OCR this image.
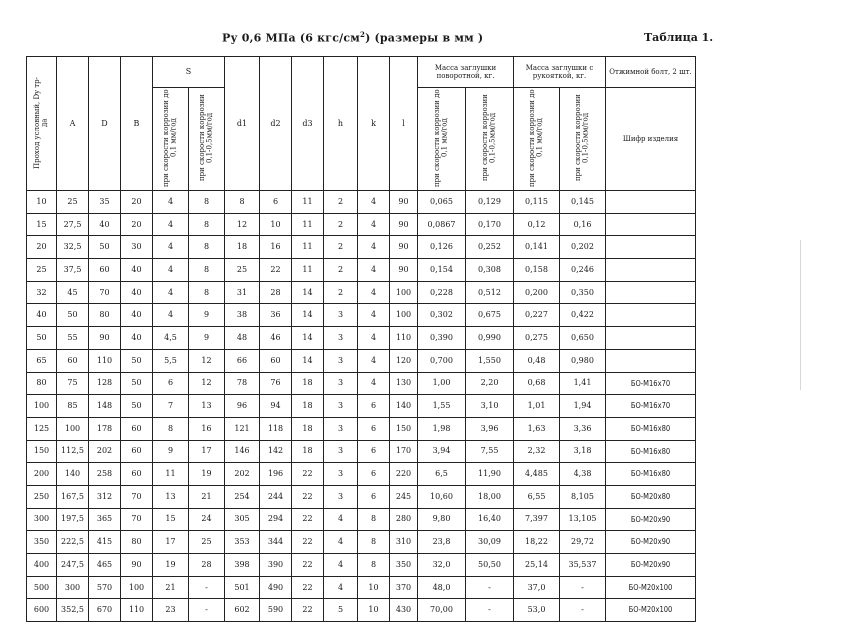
Ру 0,6 МПа (6 кгс/$см^2$) (размеры в мм )	Таблица 1.
Проход условный, Dy тр-да	А	D	В	S		d1	d2	d3	h	k	l	Масса заглушки поворотной, кг.		Масса заглушки с рукояткой, кг.		Отжимной болт, 2 шт.
				при скорости коррозии до 0,1 мм/год	при скорости коррозии 0,1-0,5мм/год							при скорости коррозии до 0,1 мм/год	при скорости коррозии 0,1-0,5мм/год	при скорости коррозии до 0,1 мм/год	при скорости коррозии 0,1-0,5мм/год	Шифр изделия
10	25	35	20	4	8	8	6	11	2	4	90	0,065	0,129	0,115	0,145	
15	27,5	40	20	4	8	12	10	11	2	4	90	0,0867	0,170	0,12	0,16	
20	32,5	50	30	4	8	18	16	11	2	4	90	0,126	0,252	0,141	0,202	
25	37,5	60	40	4	8	25	22	11	2	4	90	0,154	0,308	0,158	0,246	
32	45	70	40	4	8	31	28	14	2	4	100	0,228	0,512	0,200	0,350	
40	50	80	40	4	9	38	36	14	3	4	100	0,302	0,675	0,227	0,422	
50	55	90	40	4,5	9	48	46	14	3	4	110	0,390	0,990	0,275	0,650	
65	60	110	50	5,5	12	66	60	14	3	4	120	0,700	1,550	0,48	0,980	
80	75	128	50	6	12	78	76	18	3	4	130	1,00	2,20	0,68	1,41	БО-М16х70
100	85	148	50	7	13	96	94	18	3	6	140	1,55	3,10	1,01	1,94	БО-М16х70
125	100	178	60	8	16	121	118	18	3	6	150	1,98	3,96	1,63	3,36	БО-М16х80
150	112,5	202	60	9	17	146	142	18	3	6	170	3,94	7,55	2,32	3,18	БО-М16х80
200	140	258	60	11	19	202	196	22	3	6	220	6,5	11,90	4,485	4,38	БО-М16х80
250	167,5	312	70	13	21	254	244	22	3	6	245	10,60	18,00	6,55	8,105	БО-М20х80
300	197,5	365	70	15	24	305	294	22	4	8	280	9,80	16,40	7,397	13,105	БО-М20х90
350	222,5	415	80	17	25	353	344	22	4	8	310	23,8	30,09	18,22	29,72	БО-М20х90
400	247,5	465	90	19	28	398	390	22	4	8	350	32,0	50,50	25,14	35,537	БО-М20х90
500	300	570	100	21	-	501	490	22	4	10	370	48,0	-	37,0	-	БО-М20х100
600	352,5	670	110	23	-	602	590	22	5	10	430	70,00	-	53,0	-	БО-М20х100
